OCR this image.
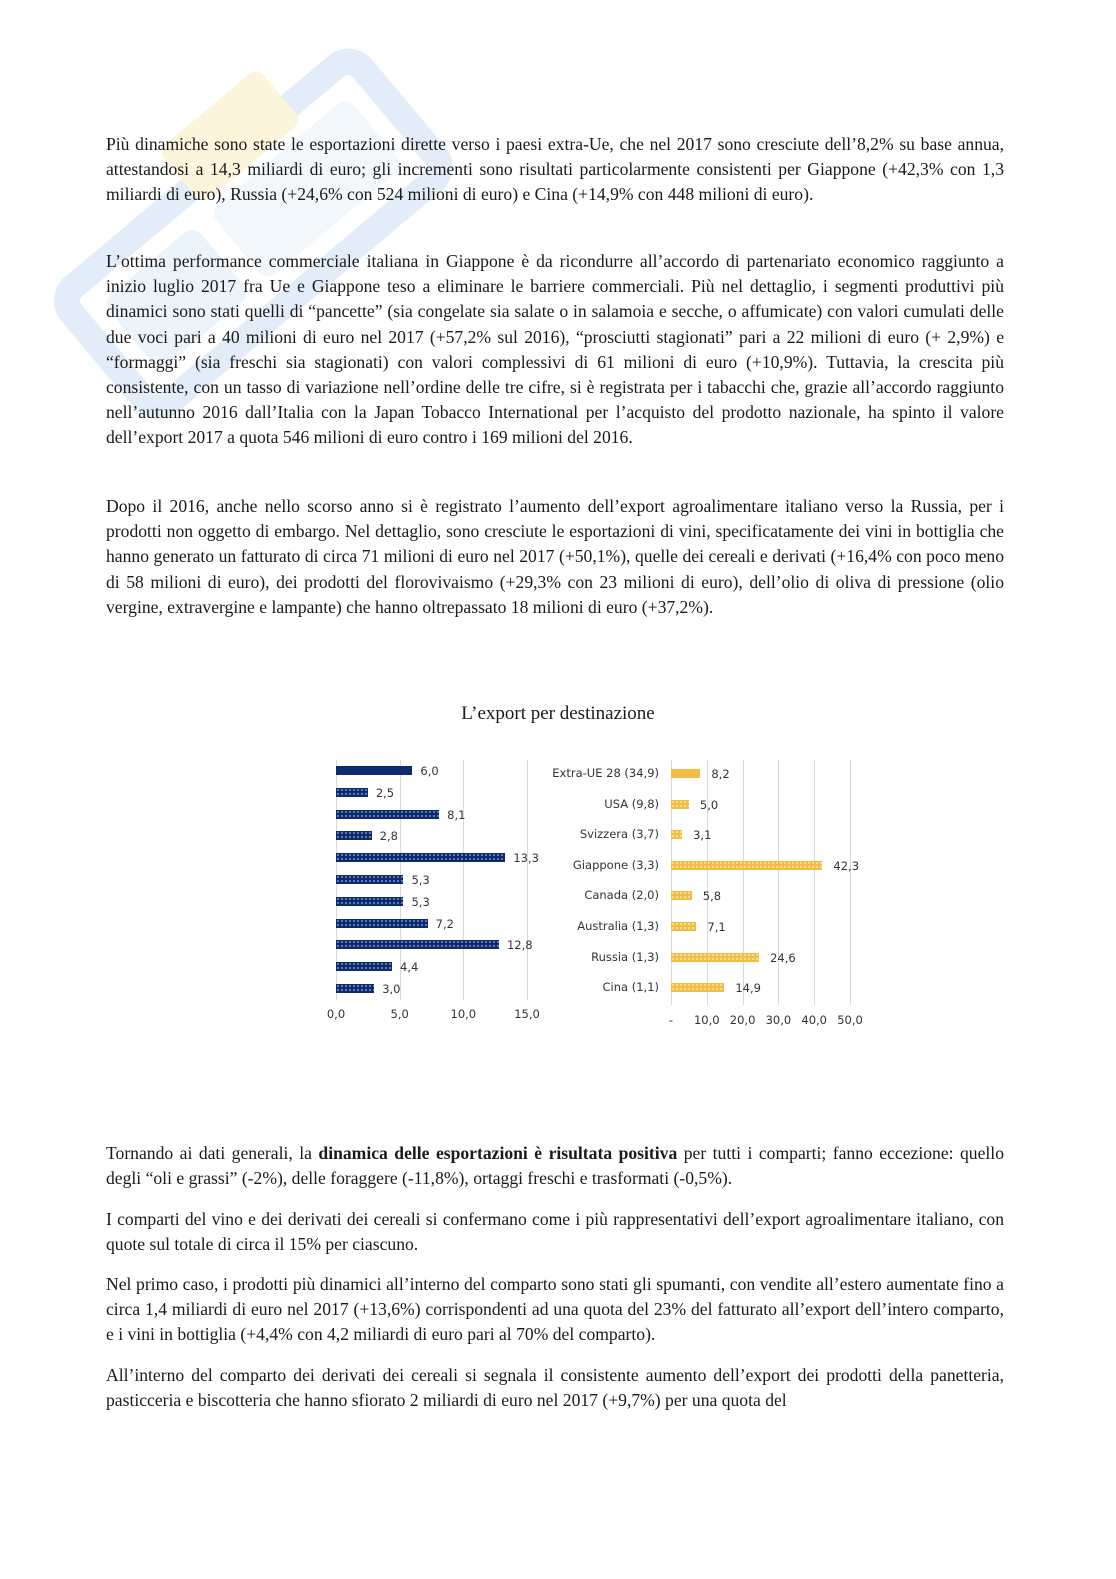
Più dinamiche sono state le esportazioni dirette verso i paesi extra-Ue, che nel 2017 sono cresciute dell’8,2% su base annua, attestandosi a 14,3 miliardi di euro; gli incrementi sono risultati particolarmente consistenti per Giappone (+42,3% con 1,3 miliardi di euro), Russia (+24,6% con 524 milioni di euro) e Cina (+14,9% con 448 milioni di euro).

L’ottima performance commerciale italiana in Giappone è da ricondurre all’accordo di partenariato economico raggiunto a inizio luglio 2017 fra Ue e Giappone teso a eliminare le barriere commerciali. Più nel dettaglio, i segmenti produttivi più dinamici sono stati quelli di “pancette” (sia congelate sia salate o in salamoia e secche, o affumicate) con valori cumulati delle due voci pari a 40 milioni di euro nel 2017 (+57,2% sul 2016), “prosciutti stagionati” pari a 22 milioni di euro (+ 2,9%) e “formaggi” (sia freschi sia stagionati) con valori complessivi di 61 milioni di euro (+10,9%). Tuttavia, la crescita più consistente, con un tasso di variazione nell’ordine delle tre cifre, si è registrata per i tabacchi che, grazie all’accordo raggiunto nell’autunno 2016 dall’Italia con la Japan Tobacco International per l’acquisto del prodotto nazionale, ha spinto il valore dell’export 2017 a quota 546 milioni di euro contro i 169 milioni del 2016.

Dopo il 2016, anche nello scorso anno si è registrato l’aumento dell’export agroalimentare italiano verso la Russia, per i prodotti non oggetto di embargo. Nel dettaglio, sono cresciute le esportazioni di vini, specificatamente dei vini in bottiglia che hanno generato un fatturato di circa 71 milioni di euro nel 2017 (+50,1%), quelle dei cereali e derivati (+16,4% con poco meno di 58 milioni di euro), dei prodotti del florovivaismo (+29,3% con 23 milioni di euro), dell’olio di oliva di pressione (olio vergine, extravergine e lampante) che hanno oltrepassato 18 milioni di euro (+37,2%).

L’export per destinazione
6,0
2,5
8,1
2,8
13,3
5,3
5,3
7,2
12,8
4,4
3,0
0,0	5,0	10,0	15,0
Extra-UE 28 (34,9)	8,2
USA (9,8)	5,0
Svizzera (3,7)	3,1
Giappone (3,3)	42,3
Canada (2,0)	5,8
Australia (1,3)	7,1
Russia (1,3)	24,6
Cina (1,1)	14,9
- 10,0 20,0 30,0 40,0 50,0

Tornando ai dati generali, la dinamica delle esportazioni è risultata positiva per tutti i comparti; fanno eccezione: quello degli “oli e grassi” (-2%), delle foraggere (-11,8%), ortaggi freschi e trasformati (-0,5%).

I comparti del vino e dei derivati dei cereali si confermano come i più rappresentativi dell’export agroalimentare italiano, con quote sul totale di circa il 15% per ciascuno.

Nel primo caso, i prodotti più dinamici all’interno del comparto sono stati gli spumanti, con vendite all’estero aumentate fino a circa 1,4 miliardi di euro nel 2017 (+13,6%) corrispondenti ad una quota del 23% del fatturato all’export dell’intero comparto, e i vini in bottiglia (+4,4% con 4,2 miliardi di euro pari al 70% del comparto).

All’interno del comparto dei derivati dei cereali si segnala il consistente aumento dell’export dei prodotti della panetteria, pasticceria e biscotteria che hanno sfiorato 2 miliardi di euro nel 2017 (+9,7%) per una quota del
